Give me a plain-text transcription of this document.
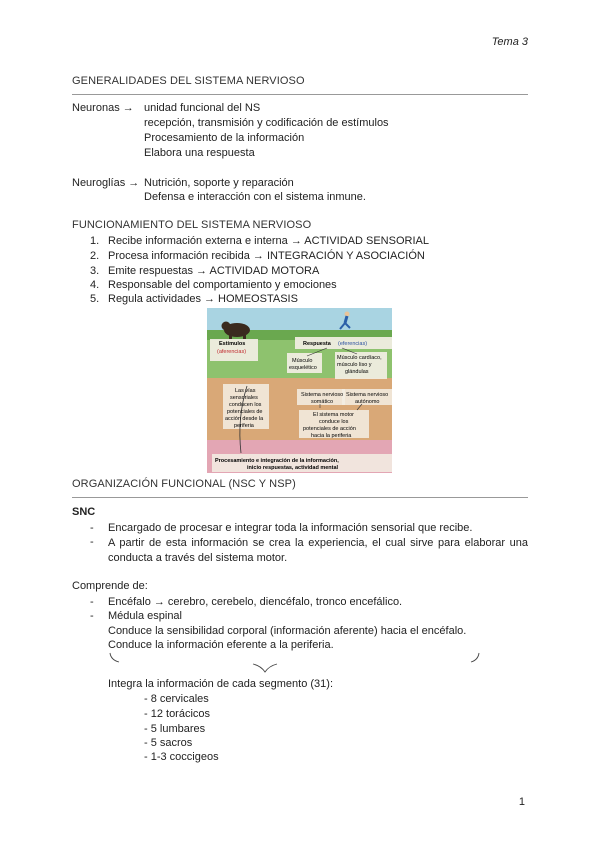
Tema 3
GENERALIDADES DEL SISTEMA NERVIOSO
Neuronas → unidad funcional del NS
recepción, transmisión y codificación de estímulos
Procesamiento de la información
Elabora una respuesta
Neuroglías → Nutrición, soporte y reparación
Defensa e interacción con el sistema inmune.
FUNCIONAMIENTO DEL SISTEMA NERVIOSO
1. Recibe información externa e interna → ACTIVIDAD SENSORIAL
2. Procesa información recibida → INTEGRACIÓN Y ASOCIACIÓN
3. Emite respuestas → ACTIVIDAD MOTORA
4. Responsable del comportamiento y emociones
5. Regula actividades → HOMEOSTASIS
Estímulos
(aferencias)
Respuesta (eferencias)
Músculo
esquelético
Músculo cardíaco,
músculo liso y
glándulas
Las vías
sensoriales
conducen los
potenciales de
acción desde la
periferia
Sistema nervioso
somático
Sistema nervioso
autónomo
El sistema motor
conduce los
potenciales de acción
hacia la periferia
Procesamiento e integración de la información,
inicio respuestas, actividad mental
ORGANIZACIÓN FUNCIONAL (NSC Y NSP)
SNC
- Encargado de procesar e integrar toda la información sensorial que recibe.
- A partir de esta información se crea la experiencia, el cual sirve para elaborar una conducta a través del sistema motor.
Comprende de:
- Encéfalo → cerebro, cerebelo, diencéfalo, tronco encefálico.
- Médula espinal
Conduce la sensibilidad corporal (información aferente) hacia el encéfalo.
Conduce la información eferente a la periferia.
Integra la información de cada segmento (31):
- 8 cervicales
- 12 torácicos
- 5 lumbares
- 5 sacros
- 1-3 coccigeos
1
